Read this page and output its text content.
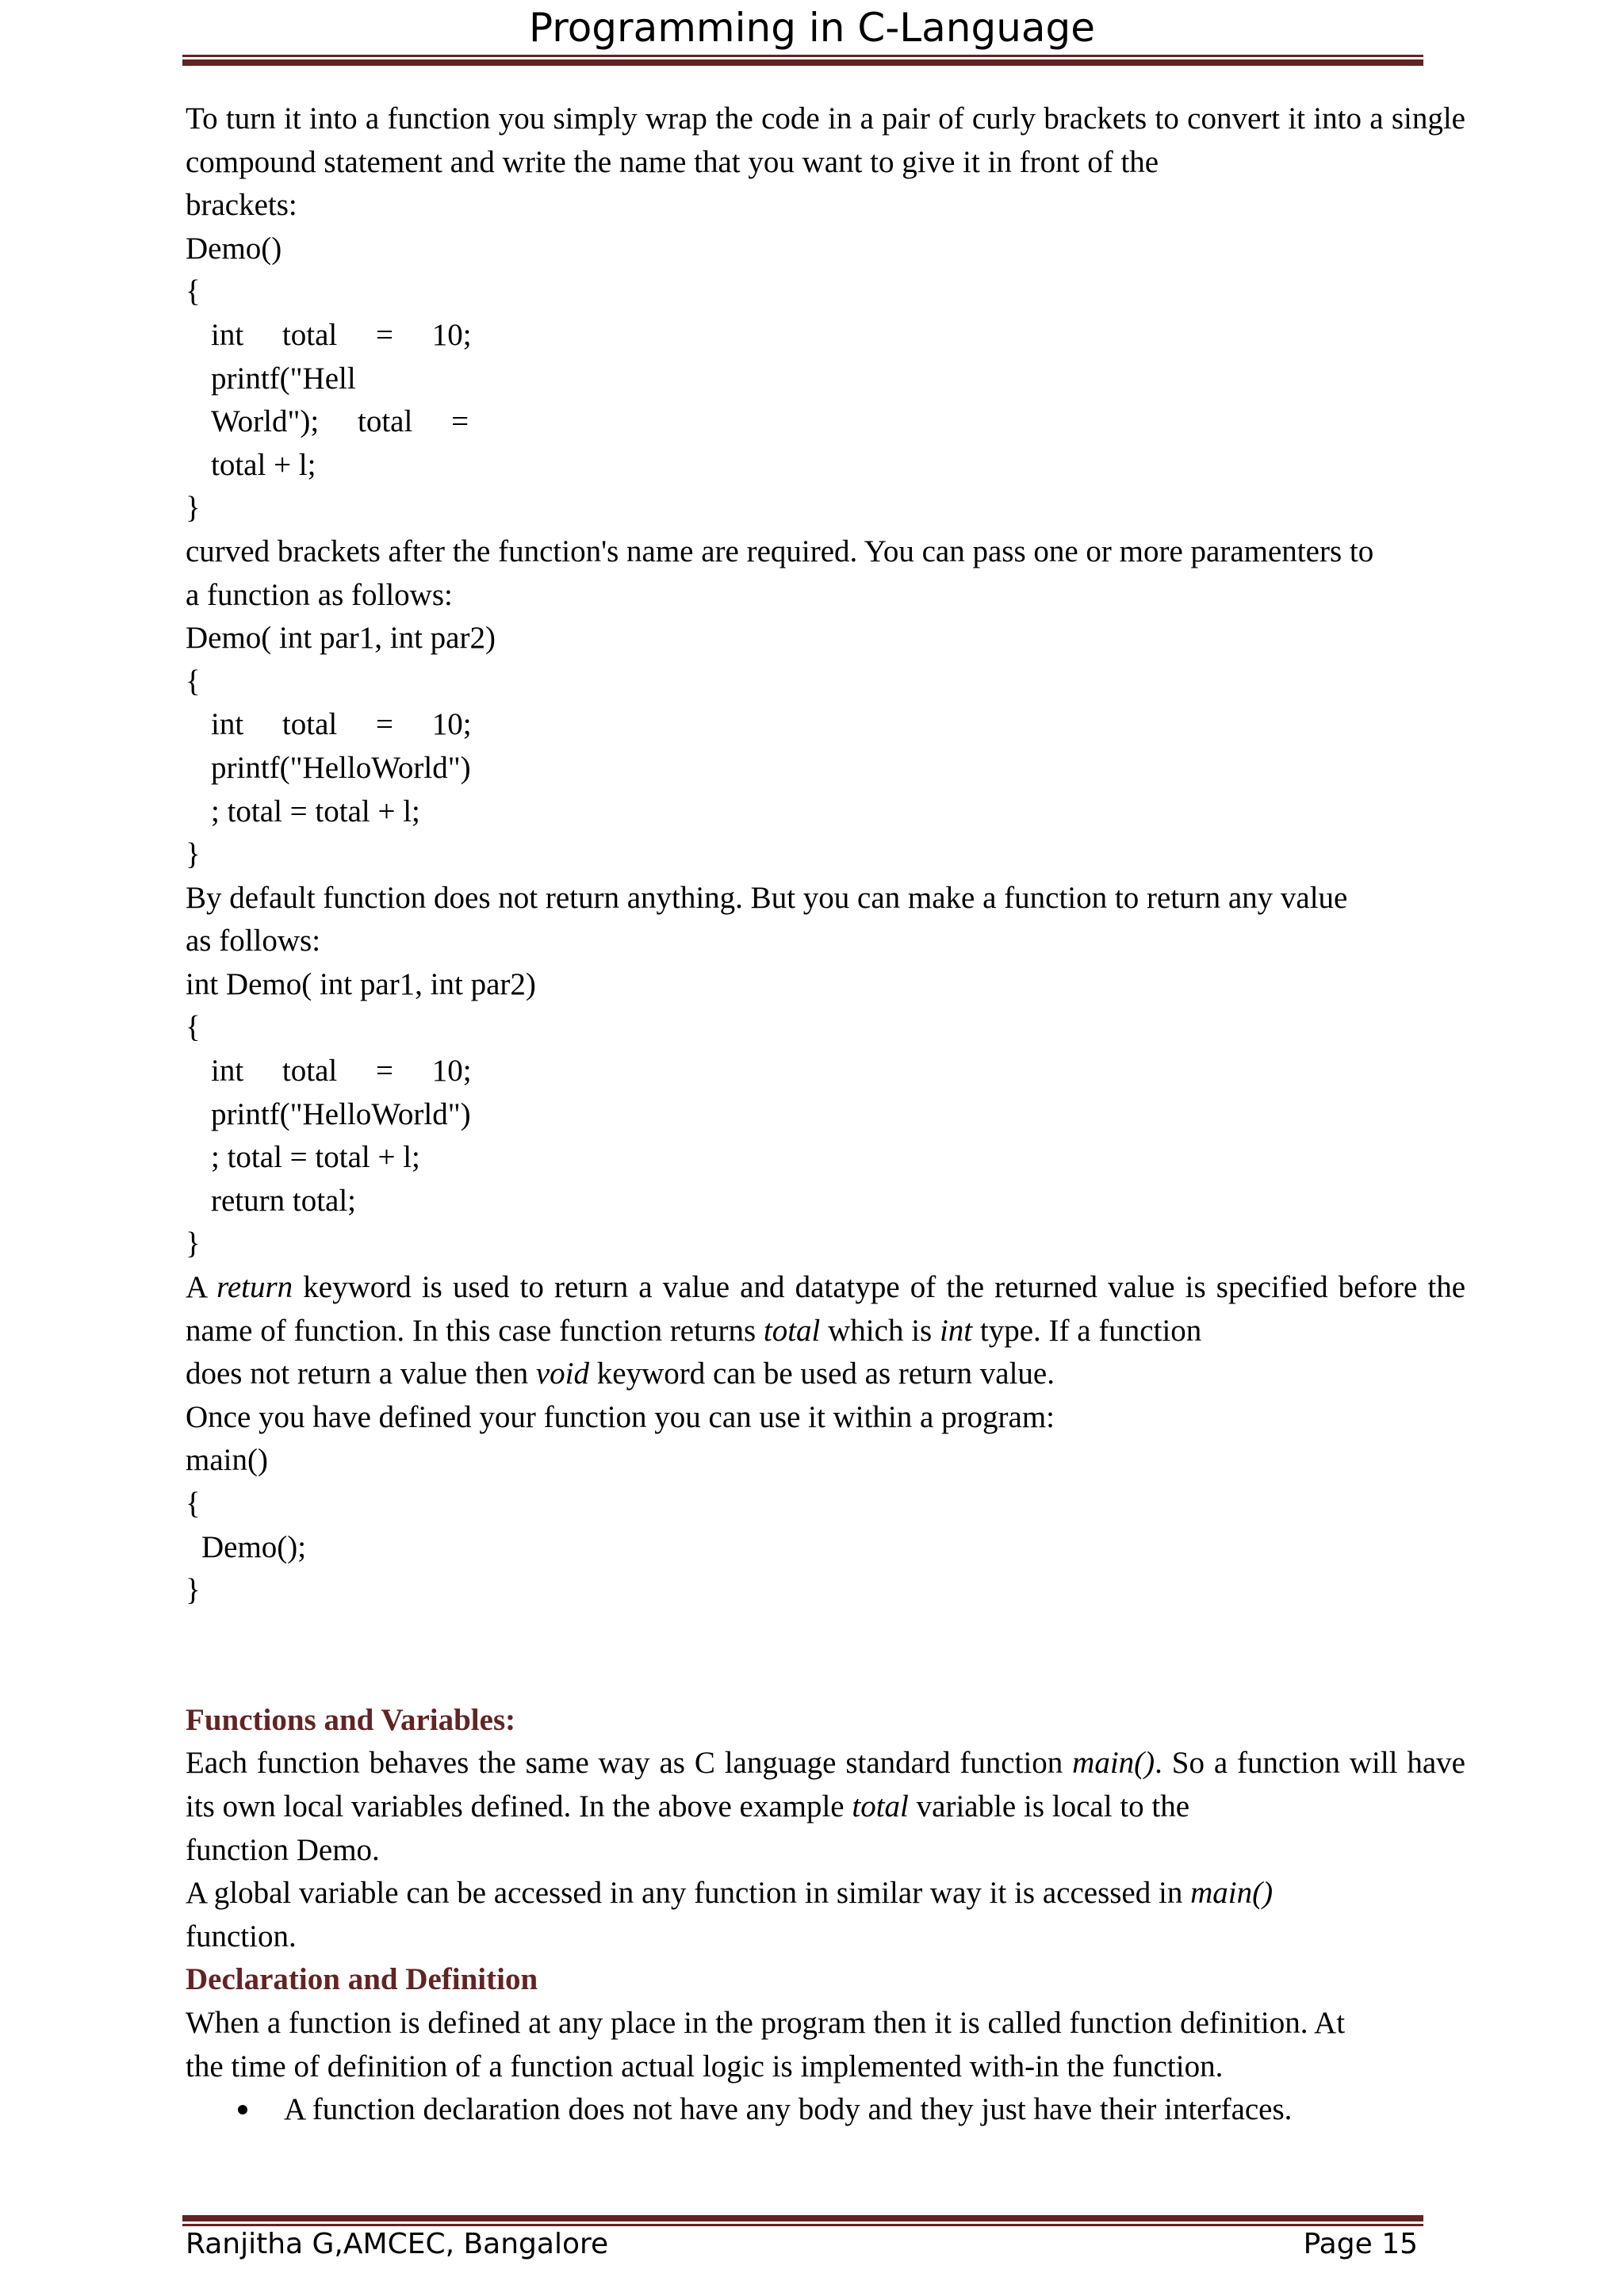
Programming in C-Language

To turn it into a function you simply wrap the code in a pair of curly brackets to convert it into a single compound statement and write the name that you want to give it in front of the
brackets:

Demo()
{
int     total     =     10;
printf("Hell
World");     total     =
total + l;
}

curved brackets after the function's name are required. You can pass one or more paramenters to
a function as follows:

Demo( int par1, int par2)
{
int     total     =     10;
printf("HelloWorld")
; total = total + l;
}

By default function does not return anything. But you can make a function to return any value
as follows:

int Demo( int par1, int par2)
{
int     total     =     10;
printf("HelloWorld")
; total = total + l;
return total;
}

A return keyword is used to return a value and datatype of the returned value is specified before the name of function. In this case function returns total which is int type. If a function
does not return a value then void keyword can be used as return value.

Once you have defined your function you can use it within a program:

main()
{
Demo();
}

Functions and Variables:

Each function behaves the same way as C language standard function main(). So a function will have its own local variables defined. In the above example total variable is local to the
function Demo.

A global variable can be accessed in any function in similar way it is accessed in main()
function.

Declaration and Definition

When a function is defined at any place in the program then it is called function definition. At
the time of definition of a function actual logic is implemented with-in the function.

A function declaration does not have any body and they just have their interfaces.
Ranjitha G,AMCEC, Bangalore	Page 15
